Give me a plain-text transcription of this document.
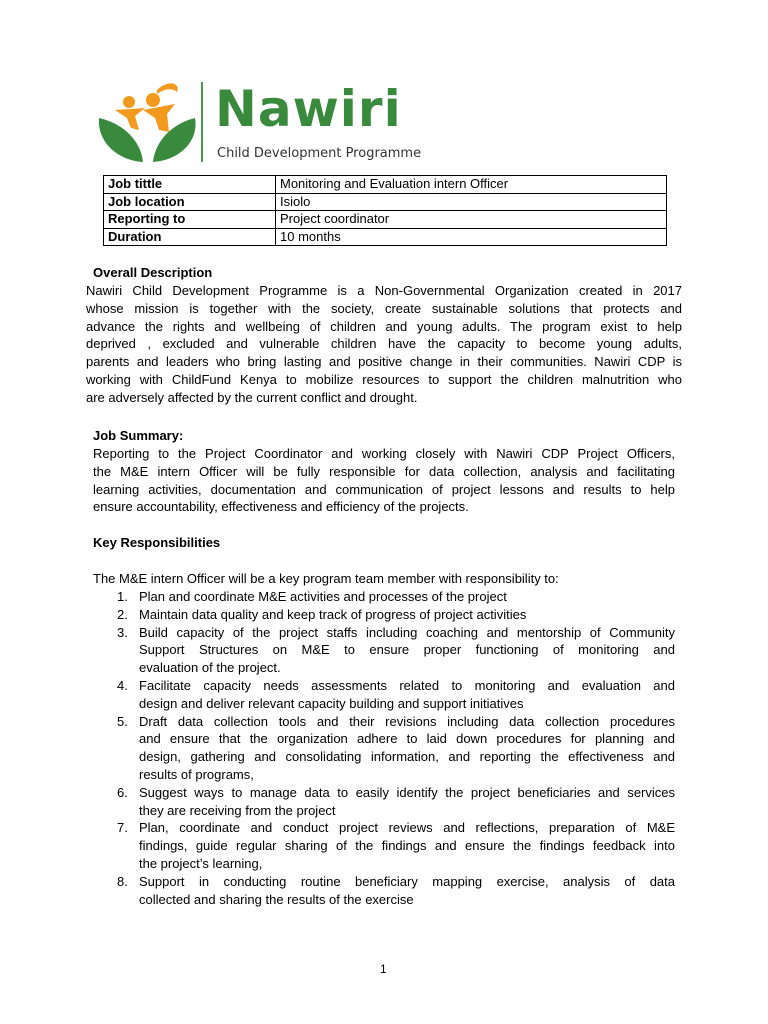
Nawiri
Child Development Programme
Job tittle	Monitoring and Evaluation intern Officer
Job location	Isiolo
Reporting to	Project coordinator
Duration	10 months
Overall Description
Nawiri Child Development Programme is a Non-Governmental Organization created in 2017
whose mission is together with the society, create sustainable solutions that protects and
advance the rights and wellbeing of children and young adults. The program exist to help
deprived , excluded and vulnerable children have the capacity to become young adults,
parents and leaders who bring lasting and positive change in their communities. Nawiri CDP is
working with ChildFund Kenya to mobilize resources to support the children malnutrition who
are adversely affected by the current conflict and drought.
Job Summary:
Reporting to the Project Coordinator and working closely with Nawiri CDP Project Officers,
the M&E intern Officer will be fully responsible for data collection, analysis and facilitating
learning activities, documentation and communication of project lessons and results to help
ensure accountability, effectiveness and efficiency of the projects.
Key Responsibilities
The M&E intern Officer will be a key program team member with responsibility to:
1. Plan and coordinate M&E activities and processes of the project
2. Maintain data quality and keep track of progress of project activities
3. Build capacity of the project staffs including coaching and mentorship of Community
Support Structures on M&E to ensure proper functioning of monitoring and
evaluation of the project.
4. Facilitate capacity needs assessments related to monitoring and evaluation and
design and deliver relevant capacity building and support initiatives
5. Draft data collection tools and their revisions including data collection procedures
and ensure that the organization adhere to laid down procedures for planning and
design, gathering and consolidating information, and reporting the effectiveness and
results of programs,
6. Suggest ways to manage data to easily identify the project beneficiaries and services
they are receiving from the project
7. Plan, coordinate and conduct project reviews and reflections, preparation of M&E
findings, guide regular sharing of the findings and ensure the findings feedback into
the project’s learning,
8. Support in conducting routine beneficiary mapping exercise, analysis of data
collected and sharing the results of the exercise
1
